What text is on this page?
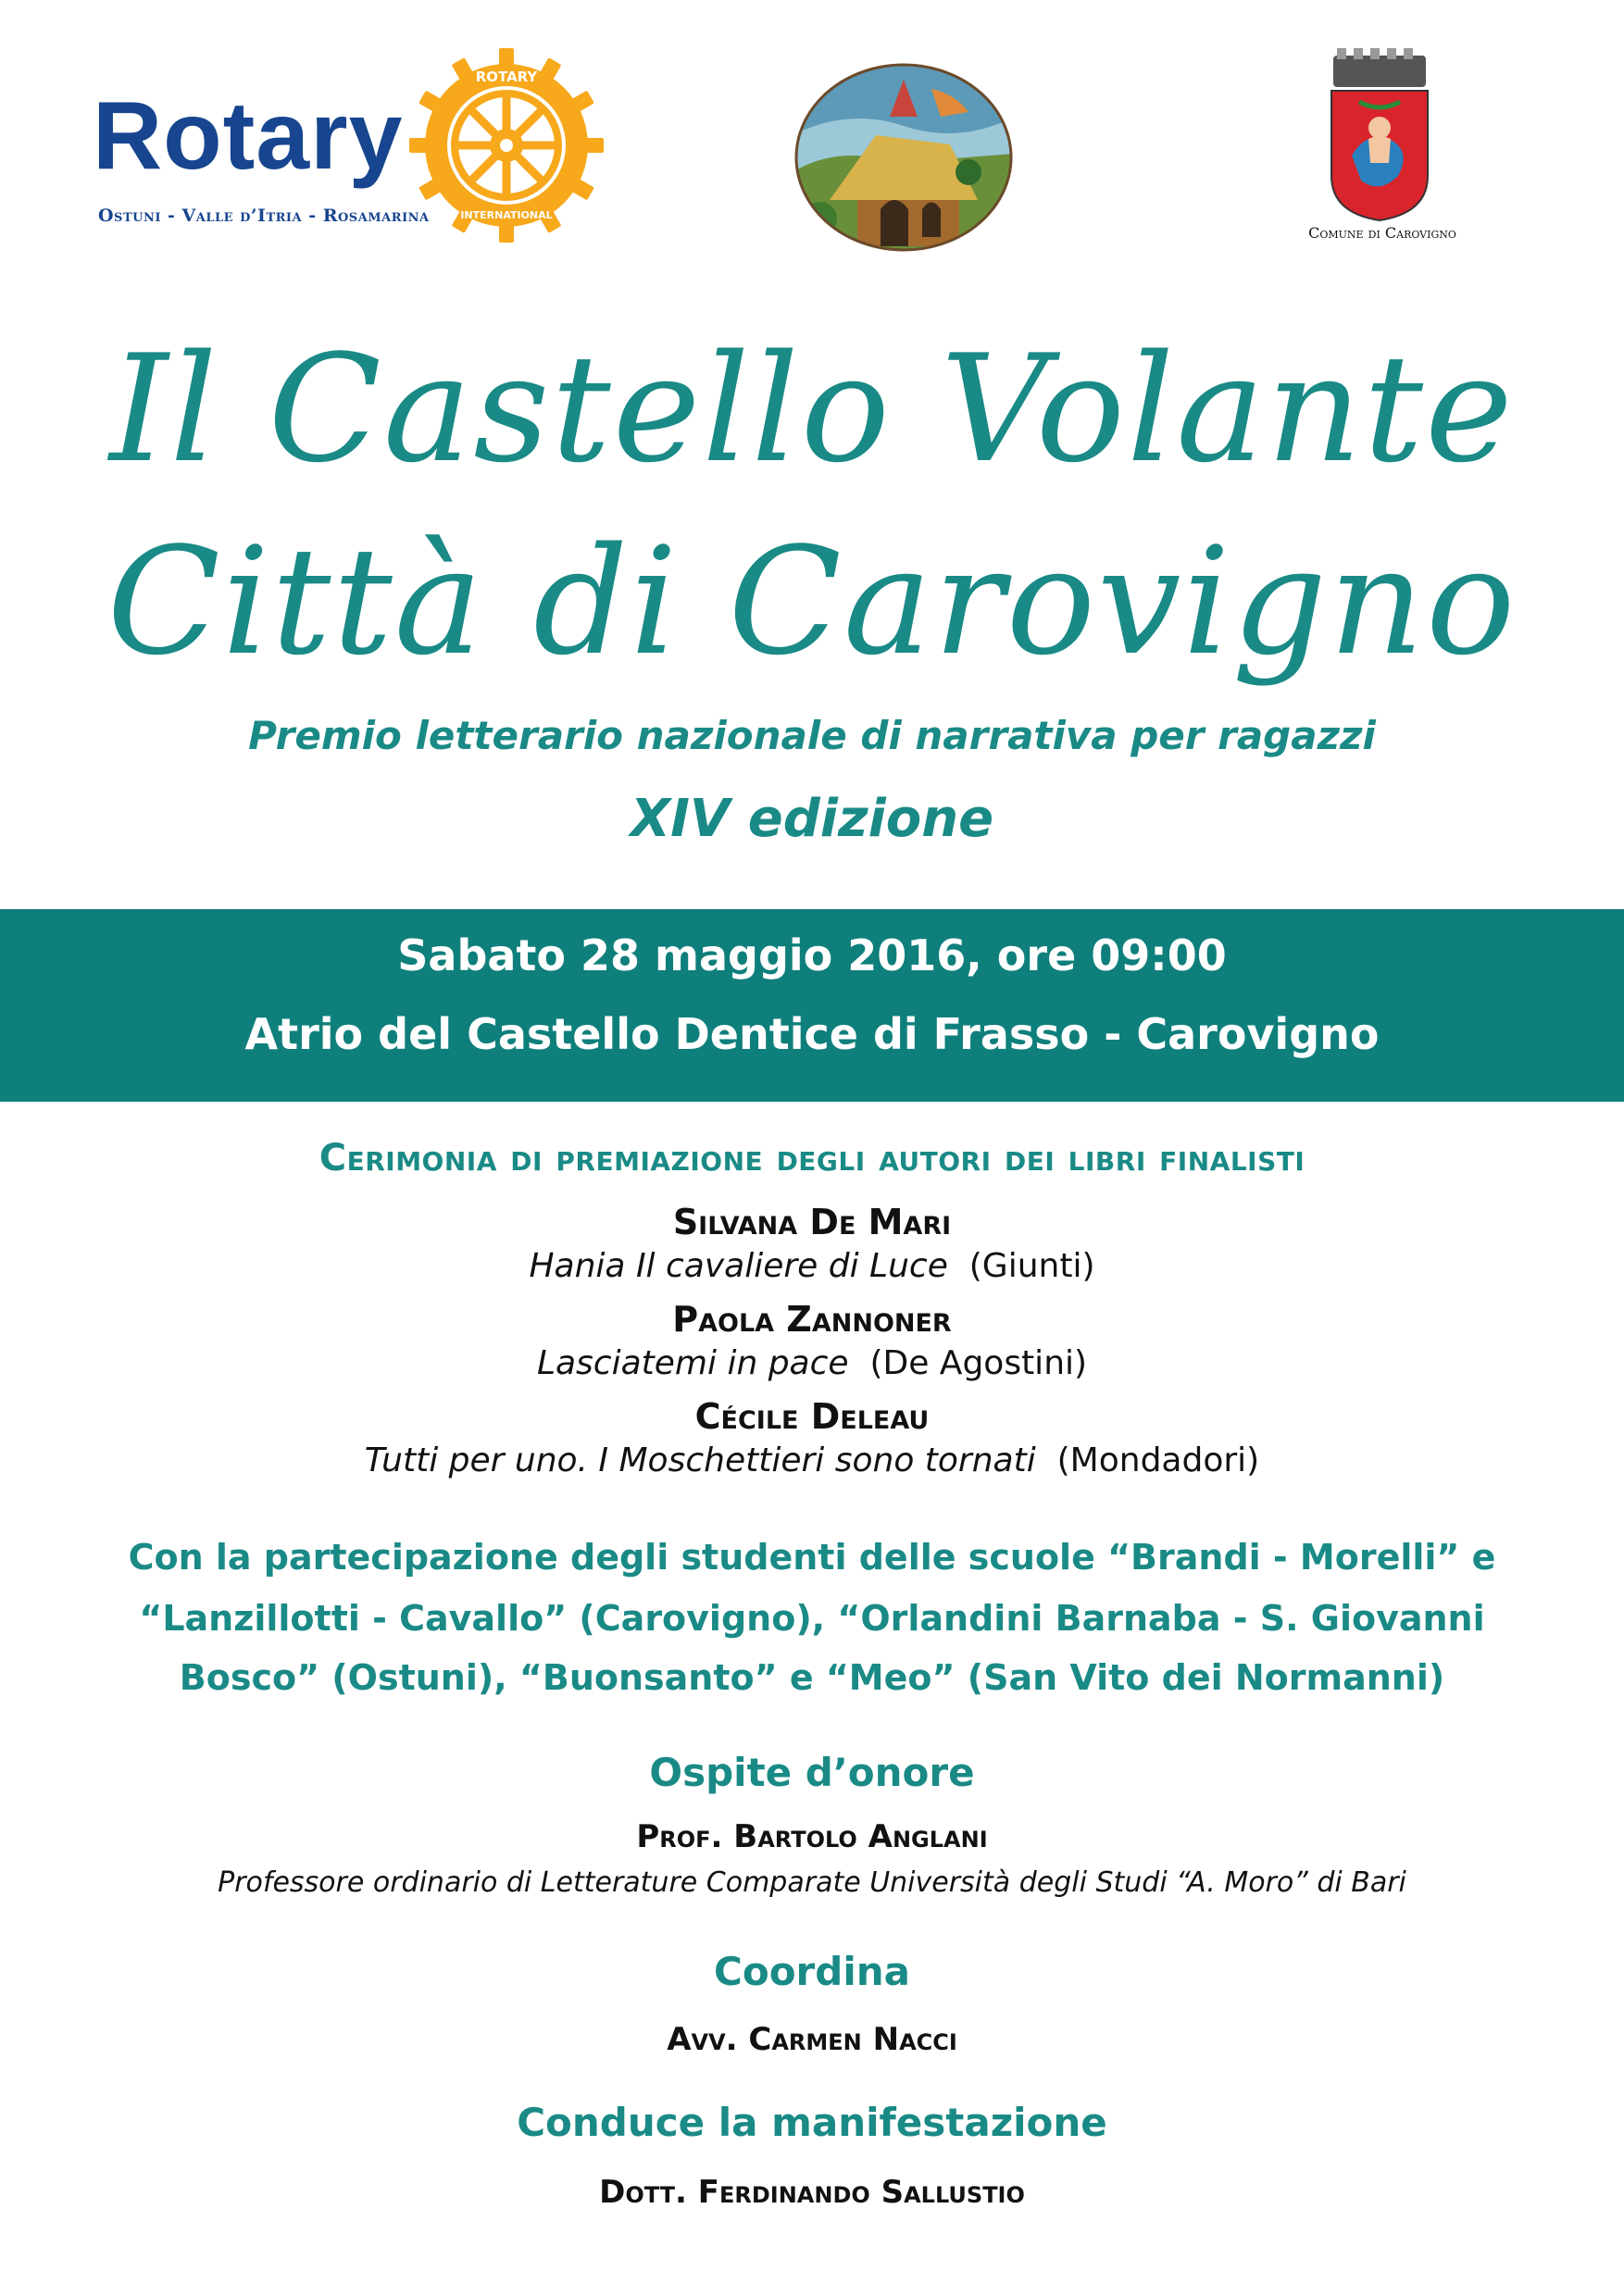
Rotary
Ostuni - Valle d’Itria - Rosamarina
ROTARY
INTERNATIONAL
Comune di Carovigno
Il Castello Volante
Città di Carovigno
Premio letterario nazionale di narrativa per ragazzi
XIV edizione
Sabato 28 maggio 2016, ore 09:00
Atrio del Castello Dentice di Frasso - Carovigno
Cerimonia di premiazione degli autori dei libri finalisti
Silvana De Mari
Hania Il cavaliere di Luce (Giunti)
Paola Zannoner
Lasciatemi in pace (De Agostini)
Cécile Deleau
Tutti per uno. I Moschettieri sono tornati (Mondadori)
Con la partecipazione degli studenti delle scuole “Brandi - Morelli” e
“Lanzillotti - Cavallo” (Carovigno), “Orlandini Barnaba - S. Giovanni
Bosco” (Ostuni), “Buonsanto” e “Meo” (San Vito dei Normanni)
Ospite d’onore
Prof. Bartolo Anglani
Professore ordinario di Letterature Comparate Università degli Studi “A. Moro” di Bari
Coordina
Avv. Carmen Nacci
Conduce la manifestazione
Dott. Ferdinando Sallustio
